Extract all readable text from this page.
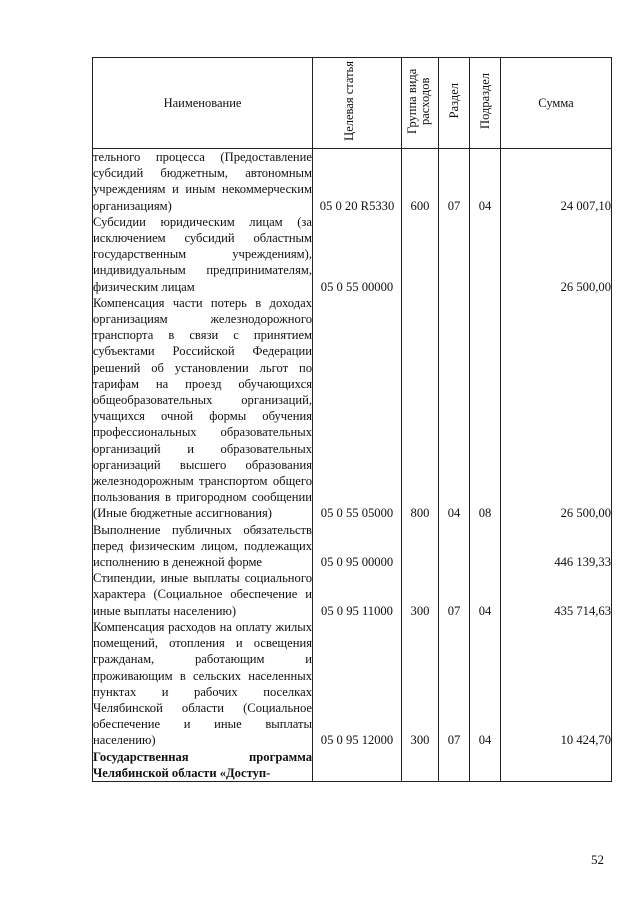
Наименование	Целевая статья	Группа вида расходов	Раздел	Подраздел	Сумма

тельного процесса (Предоставление субсидий бюджетным, автономным учреждениям и иным некоммерческим организациям)	05 0 20 R5330	600	07	04	24 007,10

Субсидии юридическим лицам (за исключением субсидий областным государственным учреждениям), индивидуальным предпринимателям, физическим лицам	05 0 55 00000				26 500,00

Компенсация части потерь в доходах организациям железнодорожного транспорта в связи с принятием субъектами Российской Федерации решений об установлении льгот по тарифам на проезд обучающихся общеобразовательных организаций, учащихся очной формы обучения профессиональных образовательных организаций и образовательных организаций высшего образования железнодорожным транспортом общего пользования в пригородном сообщении (Иные бюджетные ассигнования)	05 0 55 05000	800	04	08	26 500,00

Выполнение публичных обязательств перед физическим лицом, подлежащих исполнению в денежной форме	05 0 95 00000				446 139,33

Стипендии, иные выплаты социального характера (Социальное обеспечение и иные выплаты населению)	05 0 95 11000	300	07	04	435 714,63

Компенсация расходов на оплату жилых помещений, отопления и освещения гражданам, работающим и проживающим в сельских населенных пунктах и рабочих поселках Челябинской области (Социальное обеспечение и иные выплаты населению)	05 0 95 12000	300	07	04	10 424,70

Государственная программа Челябинской области «Доступ-					

52
